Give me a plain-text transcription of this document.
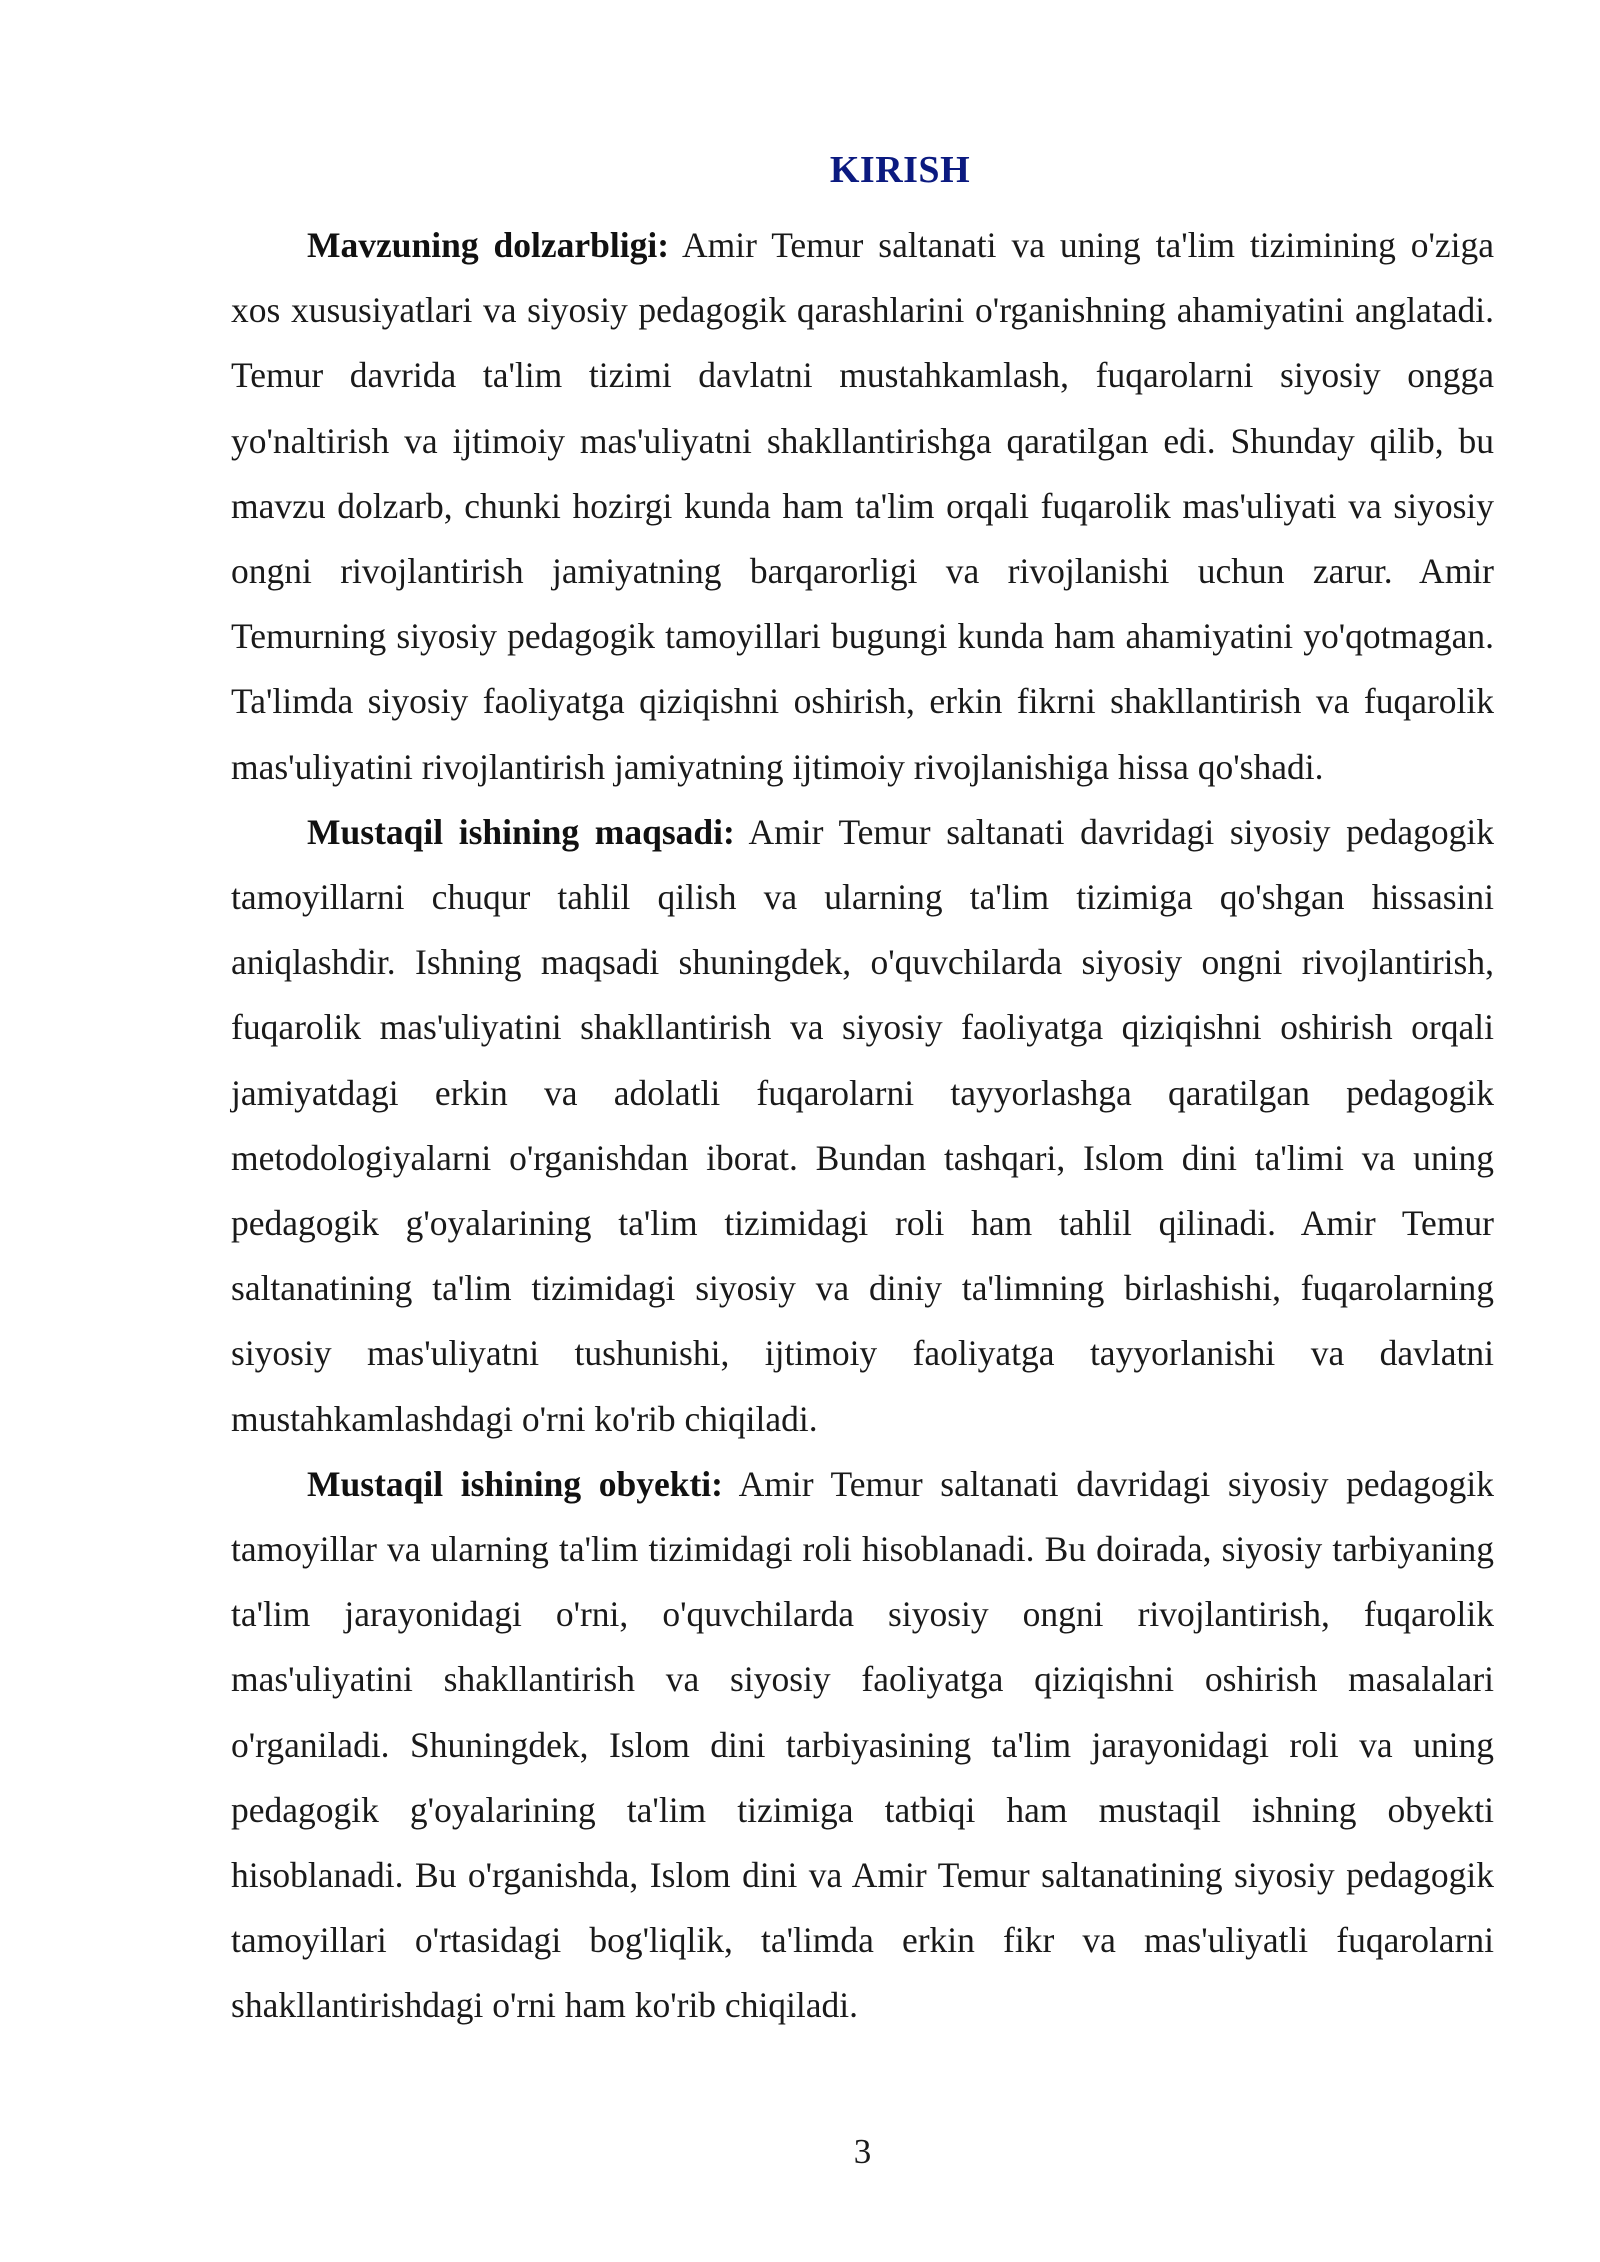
KIRISH

Mavzuning dolzarbligi: Amir Temur saltanati va uning ta'lim tizimining o'ziga xos xususiyatlari va siyosiy pedagogik qarashlarini o'rganishning ahamiyatini anglatadi. Temur davrida ta'lim tizimi davlatni mustahkamlash, fuqarolarni siyosiy ongga yo'naltirish va ijtimoiy mas'uliyatni shakllantirishga qaratilgan edi. Shunday qilib, bu mavzu dolzarb, chunki hozirgi kunda ham ta'lim orqali fuqarolik mas'uliyati va siyosiy ongni rivojlantirish jamiyatning barqarorligi va rivojlanishi uchun zarur. Amir Temurning siyosiy pedagogik tamoyillari bugungi kunda ham ahamiyatini yo'qotmagan. Ta'limda siyosiy faoliyatga qiziqishni oshirish, erkin fikrni shakllantirish va fuqarolik mas'uliyatini rivojlantirish jamiyatning ijtimoiy rivojlanishiga hissa qo'shadi.

Mustaqil ishining maqsadi: Amir Temur saltanati davridagi siyosiy pedagogik tamoyillarni chuqur tahlil qilish va ularning ta'lim tizimiga qo'shgan hissasini aniqlashdir. Ishning maqsadi shuningdek, o'quvchilarda siyosiy ongni rivojlantirish, fuqarolik mas'uliyatini shakllantirish va siyosiy faoliyatga qiziqishni oshirish orqali jamiyatdagi erkin va adolatli fuqarolarni tayyorlashga qaratilgan pedagogik metodologiyalarni o'rganishdan iborat. Bundan tashqari, Islom dini ta'limi va uning pedagogik g'oyalarining ta'lim tizimidagi roli ham tahlil qilinadi. Amir Temur saltanatining ta'lim tizimidagi siyosiy va diniy ta'limning birlashishi, fuqarolarning siyosiy mas'uliyatni tushunishi, ijtimoiy faoliyatga tayyorlanishi va davlatni mustahkamlashdagi o'rni ko'rib chiqiladi.

Mustaqil ishining obyekti: Amir Temur saltanati davridagi siyosiy pedagogik tamoyillar va ularning ta'lim tizimidagi roli hisoblanadi. Bu doirada, siyosiy tarbiyaning ta'lim jarayonidagi o'rni, o'quvchilarda siyosiy ongni rivojlantirish, fuqarolik mas'uliyatini shakllantirish va siyosiy faoliyatga qiziqishni oshirish masalalari o'rganiladi. Shuningdek, Islom dini tarbiyasining ta'lim jarayonidagi roli va uning pedagogik g'oyalarining ta'lim tizimiga tatbiqi ham mustaqil ishning obyekti hisoblanadi. Bu o'rganishda, Islom dini va Amir Temur saltanatining siyosiy pedagogik tamoyillari o'rtasidagi bog'liqlik, ta'limda erkin fikr va mas'uliyatli fuqarolarni shakllantirishdagi o'rni ham ko'rib chiqiladi.

3
